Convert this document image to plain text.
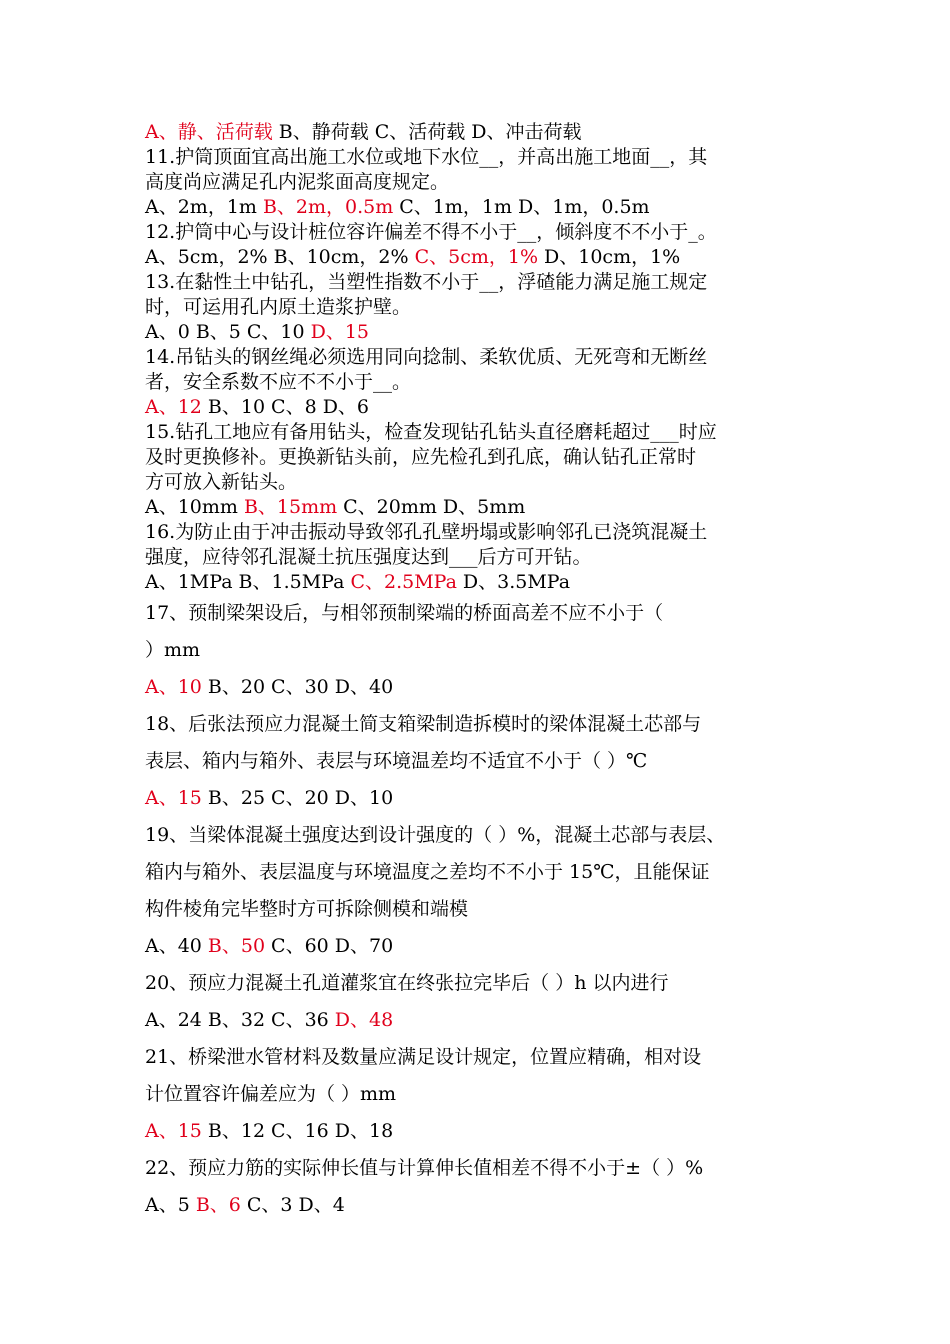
A、静、活荷载 B、静荷载 C、活荷载 D、冲击荷载
11.护筒顶面宜高出施工水位或地下水位__，并高出施工地面__，其
高度尚应满足孔内泥浆面高度规定。
A、2m，1m B、2m，0.5m C、1m，1m D、1m，0.5m
12.护筒中心与设计桩位容许偏差不得不小于__，倾斜度不不小于_。
A、5cm，2% B、10cm，2% C、5cm，1% D、10cm，1%
13.在黏性土中钻孔，当塑性指数不小于__，浮碴能力满足施工规定
时，可运用孔内原土造浆护壁。
A、0 B、5 C、10 D、15
14.吊钻头的钢丝绳必须选用同向捻制、柔软优质、无死弯和无断丝
者，安全系数不应不不小于__。
A、12 B、10 C、8 D、6
15.钻孔工地应有备用钻头，检查发现钻孔钻头直径磨耗超过___时应
及时更换修补。更换新钻头前，应先检孔到孔底，确认钻孔正常时
方可放入新钻头。
A、10mm B、15mm C、20mm D、5mm
16.为防止由于冲击振动导致邻孔孔壁坍塌或影响邻孔已浇筑混凝土
强度，应待邻孔混凝土抗压强度达到___后方可开钻。
A、1MPa B、1.5MPa C、2.5MPa D、3.5MPa
17、预制梁架设后，与相邻预制梁端的桥面高差不应不小于（
）mm
A、10 B、20 C、30 D、40
18、后张法预应力混凝土简支箱梁制造拆模时的梁体混凝土芯部与
表层、箱内与箱外、表层与环境温差均不适宜不小于（ ）℃
A、15 B、25 C、20 D、10
19、当梁体混凝土强度达到设计强度的（ ）%，混凝土芯部与表层、
箱内与箱外、表层温度与环境温度之差均不不小于 15℃，且能保证
构件棱角完毕整时方可拆除侧模和端模
A、40 B、50 C、60 D、70
20、预应力混凝土孔道灌浆宜在终张拉完毕后（ ）h 以内进行
A、24 B、32 C、36 D、48
21、桥梁泄水管材料及数量应满足设计规定，位置应精确，相对设
计位置容许偏差应为（ ）mm
A、15 B、12 C、16 D、18
22、预应力筋的实际伸长值与计算伸长值相差不得不小于±（ ）%
A、5 B、6 C、3 D、4
